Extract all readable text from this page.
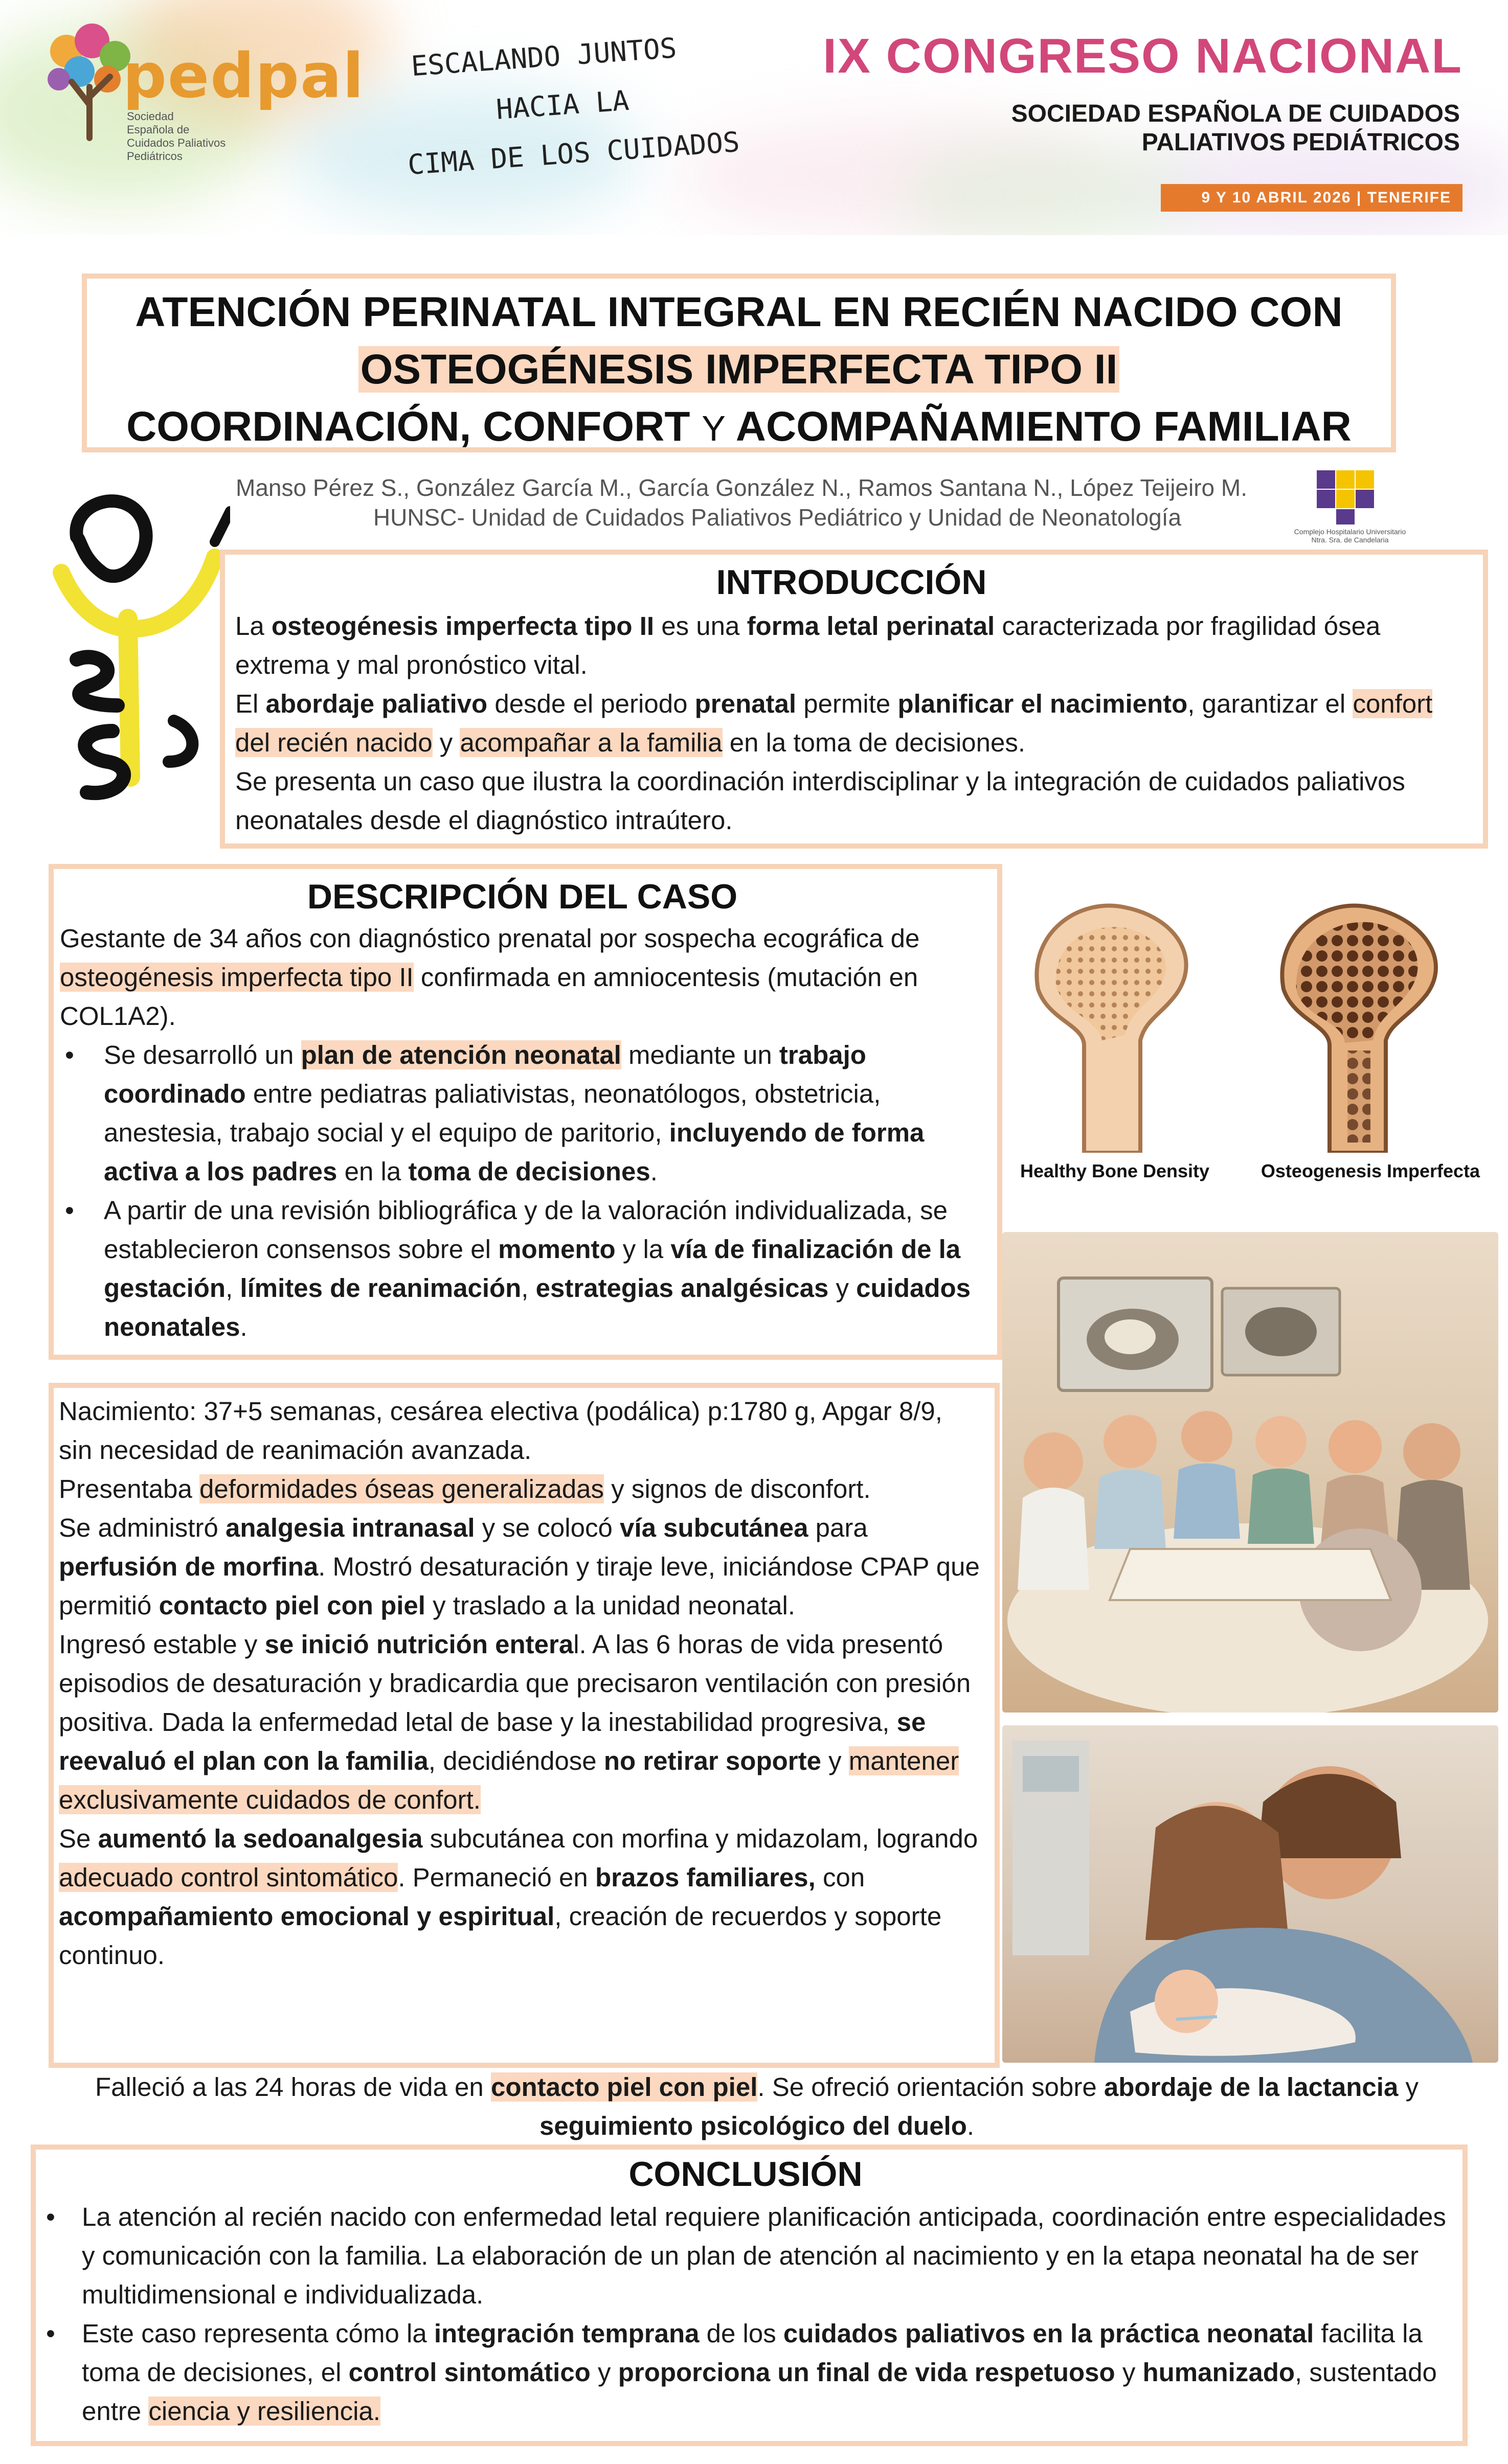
pedpal
Sociedad
Española de
Cuidados Paliativos Pediátricos
ESCALANDO JUNTOS
HACIA LA
CIMA DE LOS CUIDADOS
IX CONGRESO NACIONAL
SOCIEDAD ESPAÑOLA DE CUIDADOS
PALIATIVOS PEDIÁTRICOS
9 Y 10 ABRIL 2026 | TENERIFE
ATENCIÓN PERINATAL INTEGRAL EN RECIÉN NACIDO CON
OSTEOGÉNESIS IMPERFECTA TIPO II
COORDINACIÓN, CONFORT Y ACOMPAÑAMIENTO FAMILIAR
Manso Pérez S., González García M., García González N., Ramos Santana N., López Teijeiro M.
HUNSC- Unidad de Cuidados Paliativos Pediátrico y Unidad de Neonatología
Complejo Hospitalario Universitario
Ntra. Sra. de Candelaria
INTRODUCCIÓN
La osteogénesis imperfecta tipo II es una forma letal perinatal caracterizada por fragilidad ósea extrema y mal pronóstico vital.
El abordaje paliativo desde el periodo prenatal permite planificar el nacimiento, garantizar el confort del recién nacido y acompañar a la familia en la toma de decisiones.
Se presenta un caso que ilustra la coordinación interdisciplinar y la integración de cuidados paliativos neonatales desde el diagnóstico intraútero.
DESCRIPCIÓN DEL CASO
Gestante de 34 años con diagnóstico prenatal por sospecha ecográfica de osteogénesis imperfecta tipo II confirmada en amniocentesis (mutación en COL1A2).
• Se desarrolló un plan de atención neonatal mediante un trabajo coordinado entre pediatras paliativistas, neonatólogos, obstetricia, anestesia, trabajo social y el equipo de paritorio, incluyendo de forma activa a los padres en la toma de decisiones.
• A partir de una revisión bibliográfica y de la valoración individualizada, se establecieron consensos sobre el momento y la vía de finalización de la gestación, límites de reanimación, estrategias analgésicas y cuidados neonatales.
Healthy Bone Density	Osteogenesis Imperfecta
Nacimiento: 37+5 semanas, cesárea electiva (podálica) p:1780 g, Apgar 8/9, sin necesidad de reanimación avanzada.
Presentaba deformidades óseas generalizadas y signos de disconfort.
Se administró analgesia intranasal y se colocó vía subcutánea para perfusión de morfina. Mostró desaturación y tiraje leve, iniciándose CPAP que permitió contacto piel con piel y traslado a la unidad neonatal.
Ingresó estable y se inició nutrición enteral. A las 6 horas de vida presentó episodios de desaturación y bradicardia que precisaron ventilación con presión positiva. Dada la enfermedad letal de base y la inestabilidad progresiva, se reevaluó el plan con la familia, decidiéndose no retirar soporte y mantener exclusivamente cuidados de confort.
Se aumentó la sedoanalgesia subcutánea con morfina y midazolam, logrando adecuado control sintomático. Permaneció en brazos familiares, con acompañamiento emocional y espiritual, creación de recuerdos y soporte continuo.
Falleció a las 24 horas de vida en contacto piel con piel. Se ofreció orientación sobre abordaje de la lactancia y seguimiento psicológico del duelo.
CONCLUSIÓN
• La atención al recién nacido con enfermedad letal requiere planificación anticipada, coordinación entre especialidades y comunicación con la familia. La elaboración de un plan de atención al nacimiento y en la etapa neonatal ha de ser multidimensional e individualizada.
• Este caso representa cómo la integración temprana de los cuidados paliativos en la práctica neonatal facilita la toma de decisiones, el control sintomático y proporciona un final de vida respetuoso y humanizado, sustentado entre ciencia y resiliencia.
